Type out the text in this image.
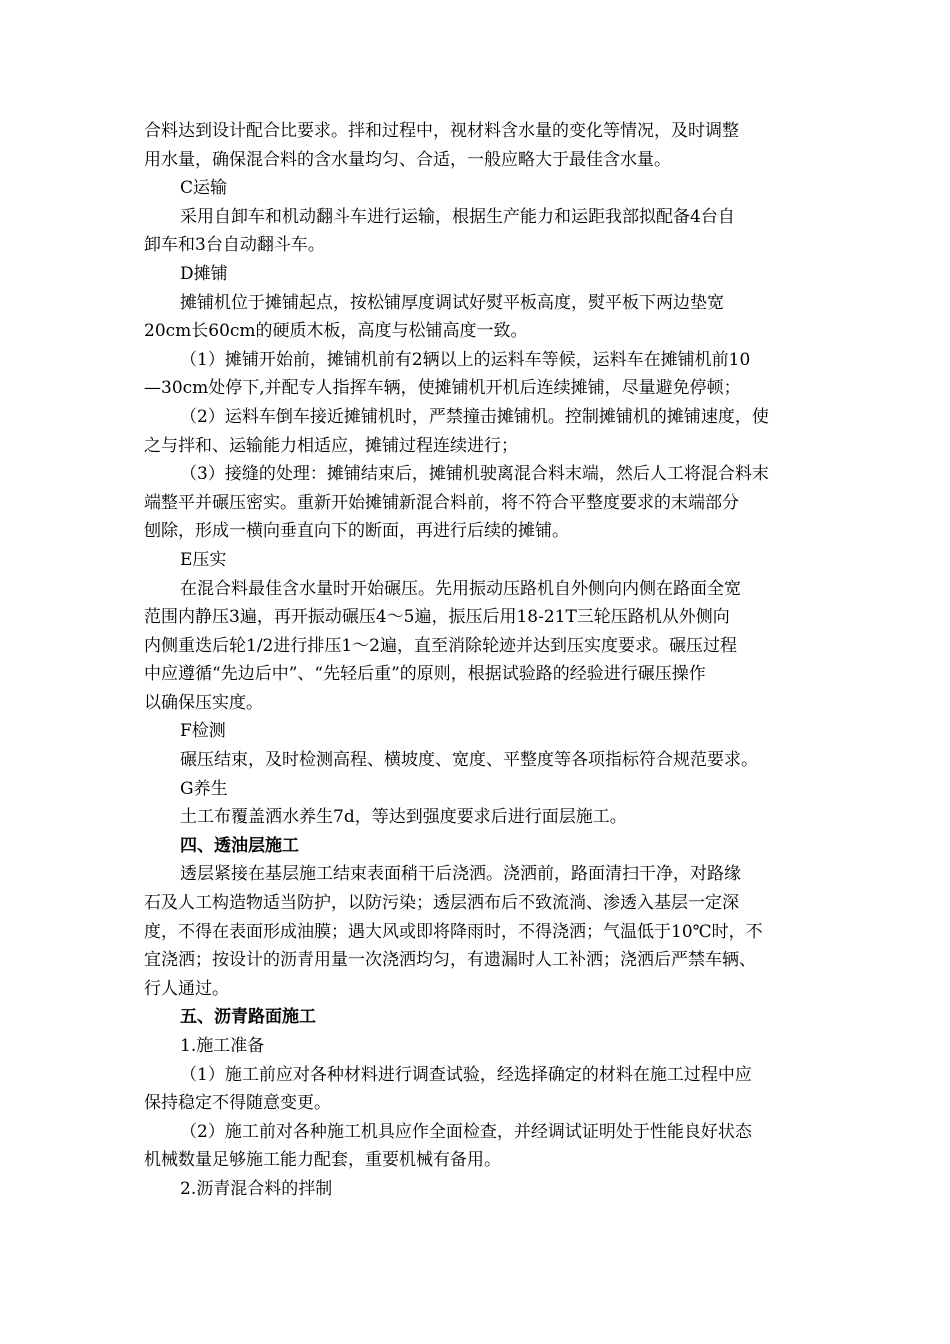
合料达到设计配合比要求。拌和过程中，视材料含水量的变化等情况，及时调整

用水量，确保混合料的含水量均匀、合适，一般应略大于最佳含水量。

C运输

采用自卸车和机动翻斗车进行运输，根据生产能力和运距我部拟配备4台自

卸车和3台自动翻斗车。

D摊铺

摊铺机位于摊铺起点，按松铺厚度调试好熨平板高度，熨平板下两边垫宽

20cm长60cm的硬质木板，高度与松铺高度一致。

（1）摊铺开始前，摊铺机前有2辆以上的运料车等候，运料车在摊铺机前10

—30cm处停下,并配专人指挥车辆，使摊铺机开机后连续摊铺，尽量避免停顿；

（2）运料车倒车接近摊铺机时，严禁撞击摊铺机。控制摊铺机的摊铺速度，使

之与拌和、运输能力相适应，摊铺过程连续进行；

（3）接缝的处理：摊铺结束后，摊铺机驶离混合料末端，然后人工将混合料末

端整平并碾压密实。重新开始摊铺新混合料前，将不符合平整度要求的末端部分

刨除，形成一横向垂直向下的断面，再进行后续的摊铺。

E压实

在混合料最佳含水量时开始碾压。先用振动压路机自外侧向内侧在路面全宽

范围内静压3遍，再开振动碾压4～5遍，振压后用18-21T三轮压路机从外侧向

内侧重迭后轮1/2进行排压1～2遍，直至消除轮迹并达到压实度要求。碾压过程

中应遵循“先边后中”、“先轻后重”的原则，根据试验路的经验进行碾压操作

以确保压实度。

F检测

碾压结束，及时检测高程、横坡度、宽度、平整度等各项指标符合规范要求。

G养生

土工布覆盖洒水养生7d，等达到强度要求后进行面层施工。

四、透油层施工

透层紧接在基层施工结束表面稍干后浇洒。浇洒前，路面清扫干净，对路缘

石及人工构造物适当防护，以防污染；透层洒布后不致流淌、渗透入基层一定深

度，不得在表面形成油膜；遇大风或即将降雨时，不得浇洒；气温低于10℃时，不

宜浇洒；按设计的沥青用量一次浇洒均匀，有遗漏时人工补洒；浇洒后严禁车辆、

行人通过。

五、沥青路面施工

1.施工准备

（1）施工前应对各种材料进行调查试验，经选择确定的材料在施工过程中应

保持稳定不得随意变更。

（2）施工前对各种施工机具应作全面检查，并经调试证明处于性能良好状态

机械数量足够施工能力配套，重要机械有备用。

2.沥青混合料的拌制
